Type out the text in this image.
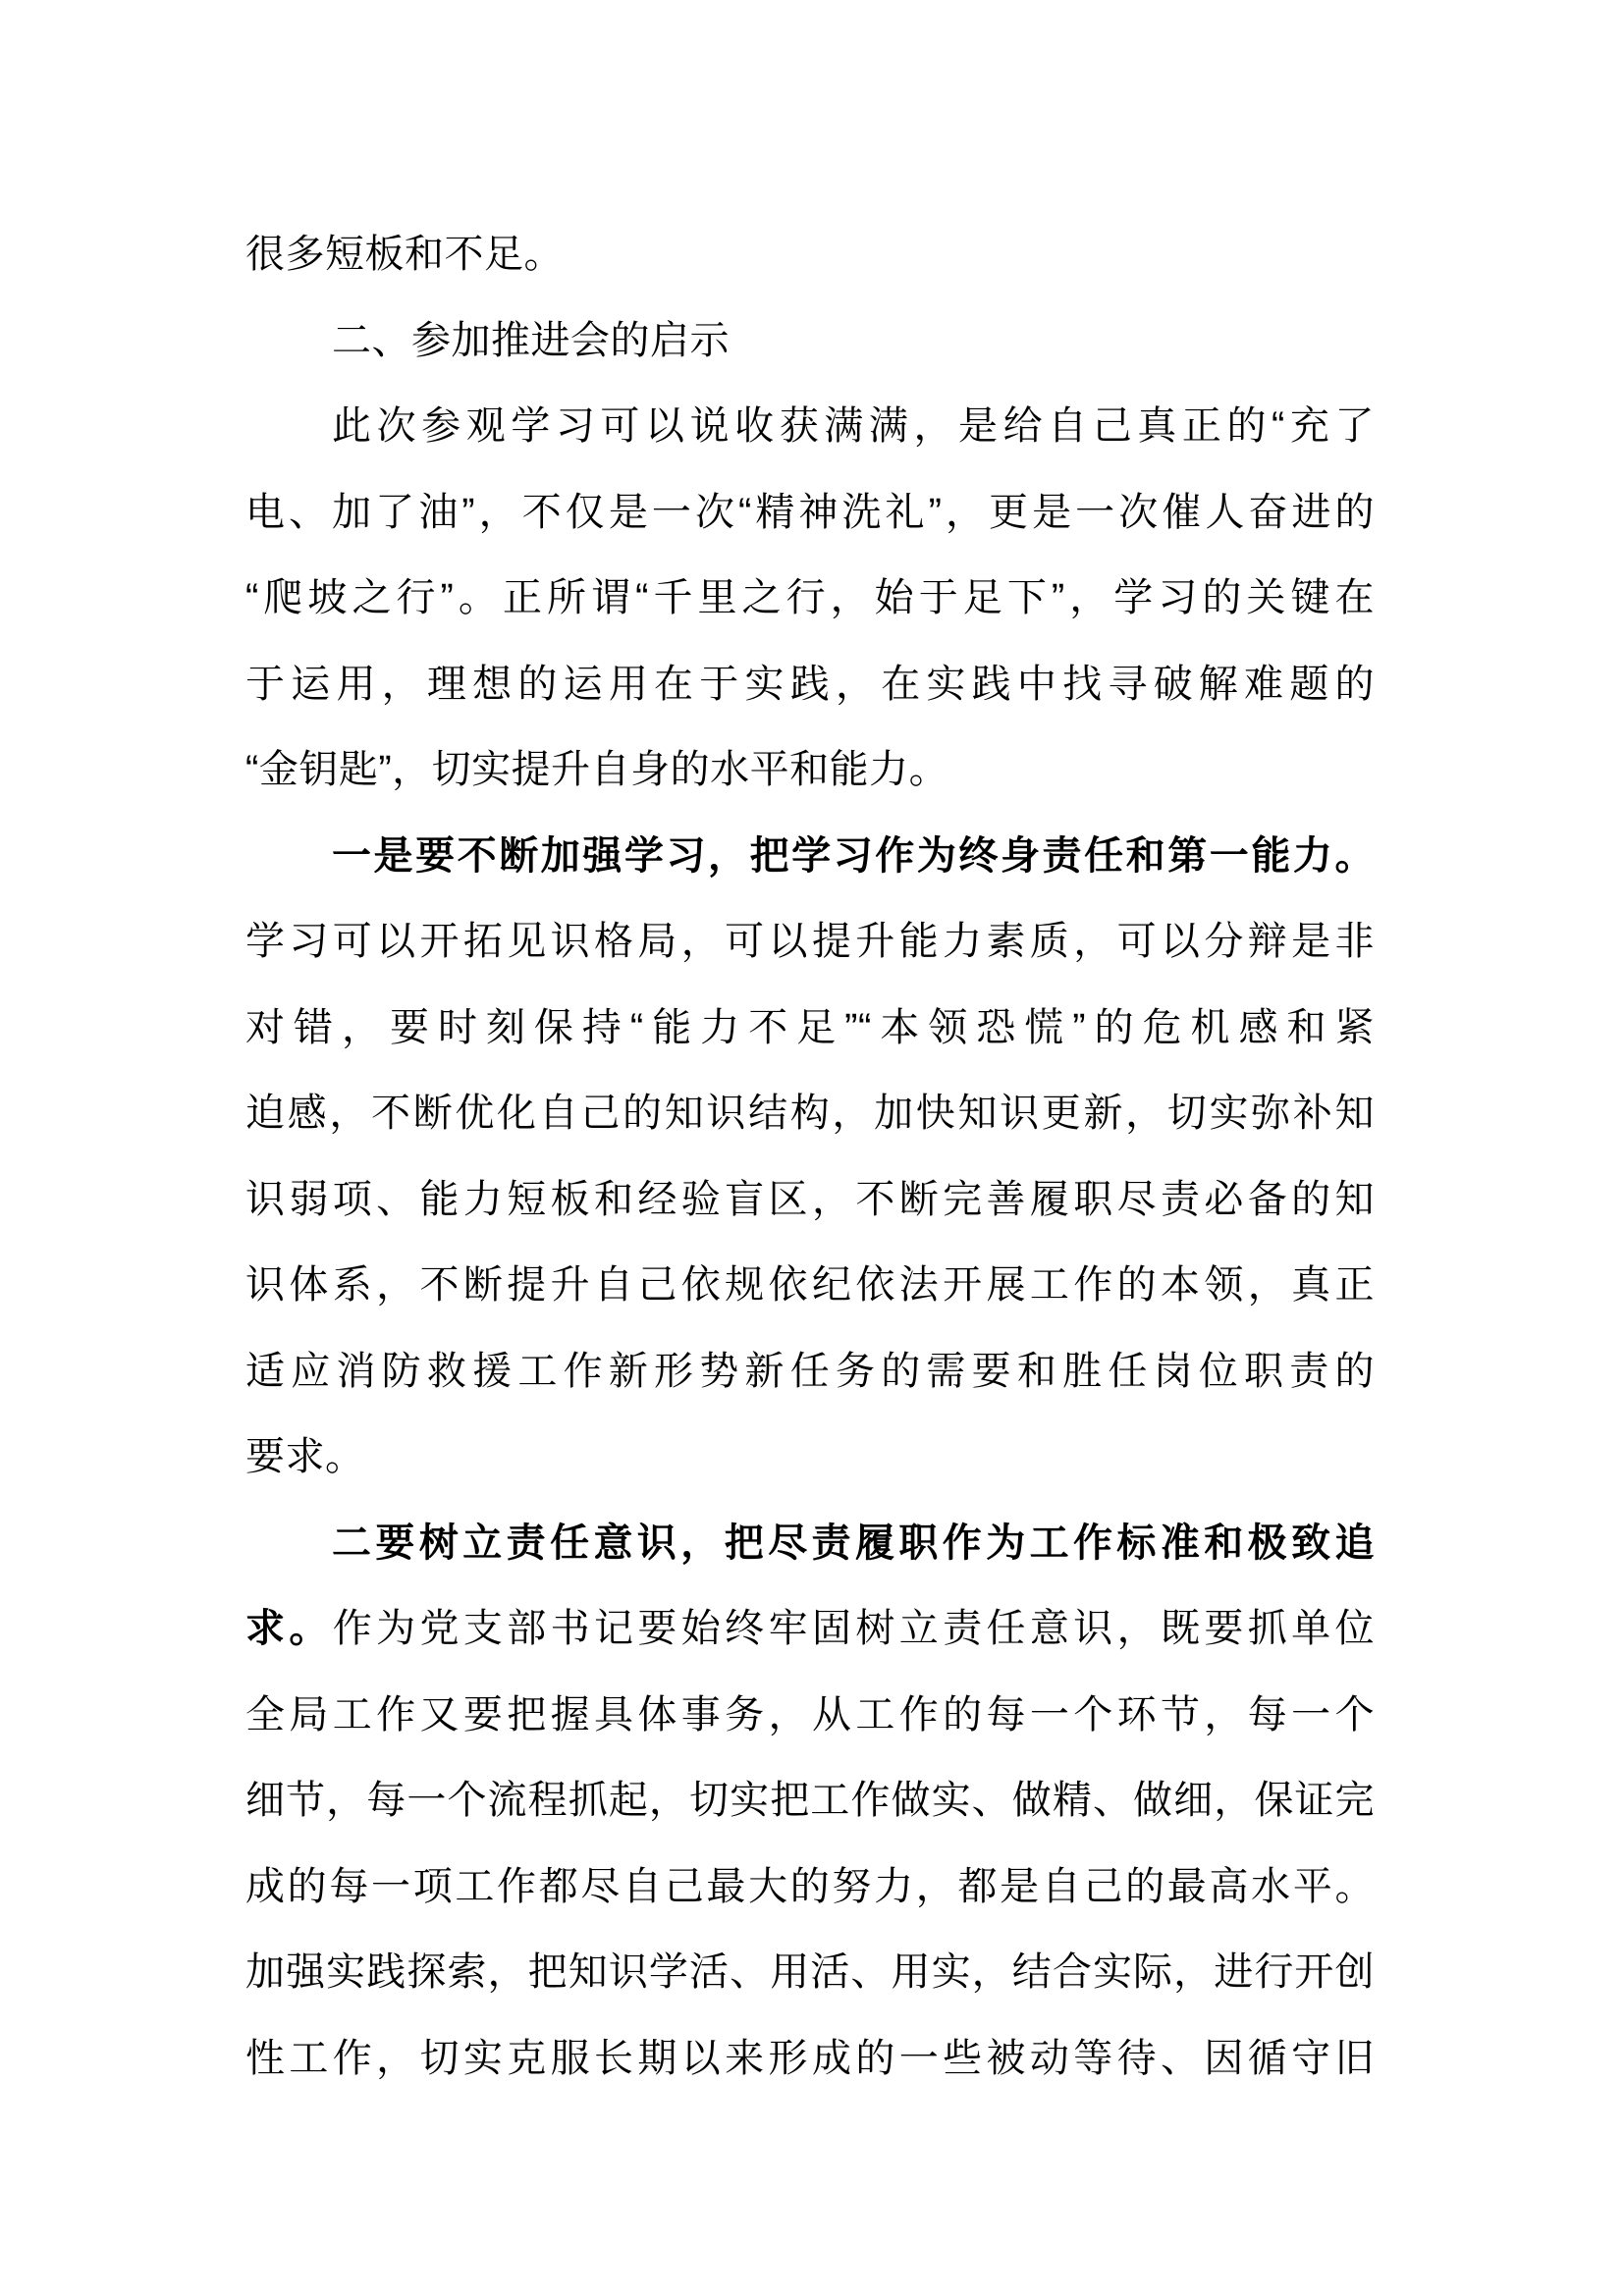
很多短板和不足。
二、参加推进会的启示
此次参观学习可以说收获满满，是给自己真正的“充了
电、加了油”，不仅是一次“精神洗礼”，更是一次催人奋进的
“爬坡之行”。正所谓“千里之行，始于足下”，学习的关键在
于运用，理想的运用在于实践，在实践中找寻破解难题的
“金钥匙”，切实提升自身的水平和能力。
一是要不断加强学习，把学习作为终身责任和第一能力。
学习可以开拓见识格局，可以提升能力素质，可以分辩是非
对错，要时刻保持“能力不足”“本领恐慌”的危机感和紧
迫感，不断优化自己的知识结构，加快知识更新，切实弥补知
识弱项、能力短板和经验盲区，不断完善履职尽责必备的知
识体系，不断提升自己依规依纪依法开展工作的本领，真正
适应消防救援工作新形势新任务的需要和胜任岗位职责的
要求。
二要树立责任意识，把尽责履职作为工作标准和极致追
求。作为党支部书记要始终牢固树立责任意识，既要抓单位
全局工作又要把握具体事务，从工作的每一个环节，每一个
细节，每一个流程抓起，切实把工作做实、做精、做细，保证完
成的每一项工作都尽自己最大的努力，都是自己的最高水平。
加强实践探索，把知识学活、用活、用实，结合实际，进行开创
性工作，切实克服长期以来形成的一些被动等待、因循守旧
